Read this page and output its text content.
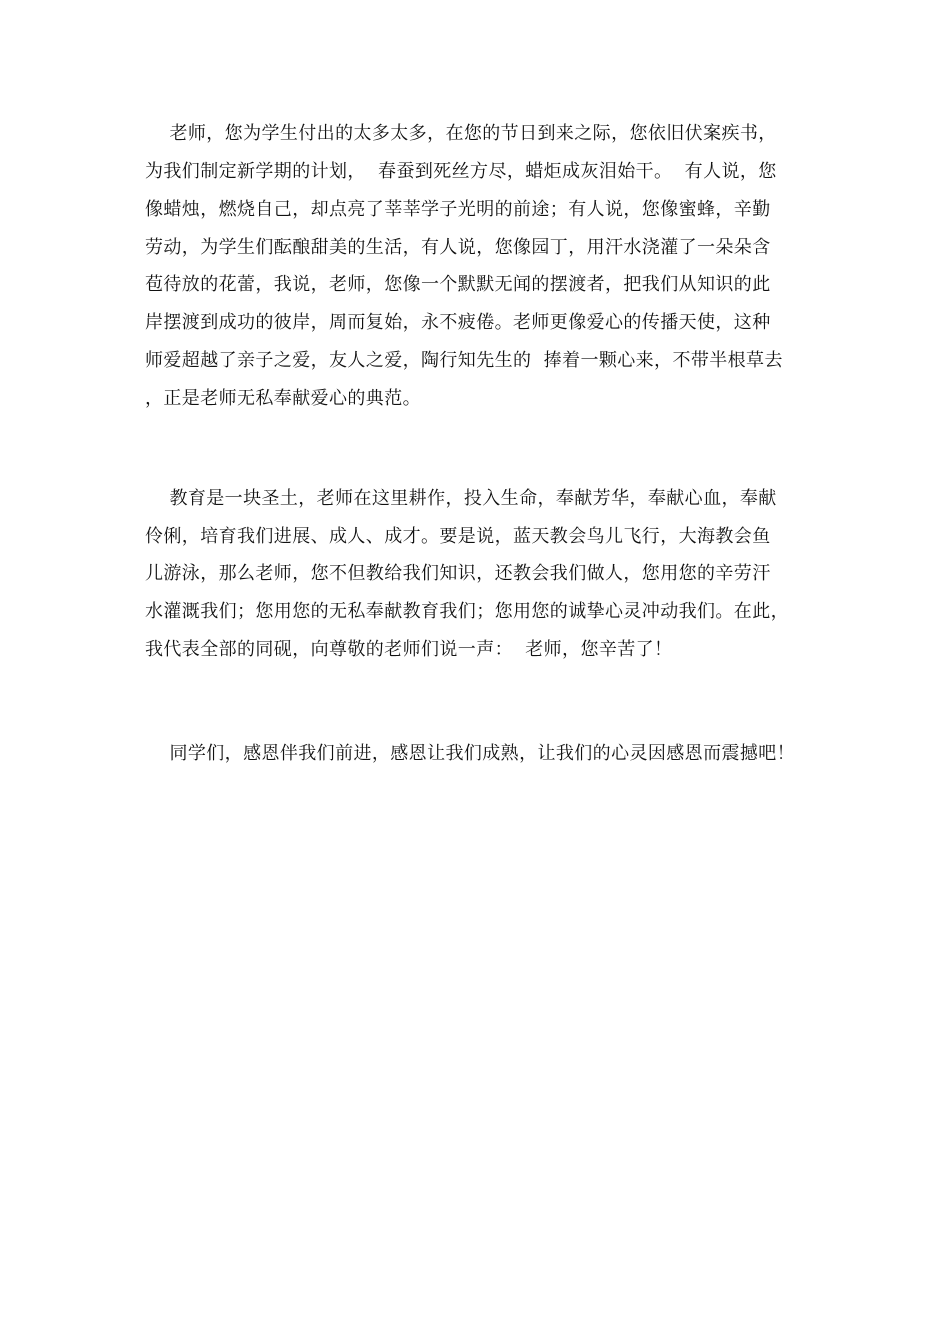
老师，您为学生付出的太多太多，在您的节日到来之际，您依旧伏案疾书，
为我们制定新学期的计划，  春蚕到死丝方尽，蜡炬成灰泪始干。  有人说，您
像蜡烛，燃烧自己，却点亮了莘莘学子光明的前途；有人说，您像蜜蜂，辛勤
劳动，为学生们酝酿甜美的生活，有人说，您像园丁，用汗水浇灌了一朵朵含
苞待放的花蕾，我说，老师，您像一个默默无闻的摆渡者，把我们从知识的此
岸摆渡到成功的彼岸，周而复始，永不疲倦。老师更像爱心的传播天使，这种
师爱超越了亲子之爱，友人之爱，陶行知先生的  捧着一颗心来，不带半根草去
，正是老师无私奉献爱心的典范。
教育是一块圣土，老师在这里耕作，投入生命，奉献芳华，奉献心血，奉献
伶俐，培育我们进展、成人、成才。要是说，蓝天教会鸟儿飞行，大海教会鱼
儿游泳，那么老师，您不但教给我们知识，还教会我们做人，您用您的辛劳汗
水灌溉我们；您用您的无私奉献教育我们；您用您的诚挚心灵冲动我们。在此，
我代表全部的同砚，向尊敬的老师们说一声：  老师，您辛苦了！
同学们，感恩伴我们前进，感恩让我们成熟，让我们的心灵因感恩而震撼吧！
